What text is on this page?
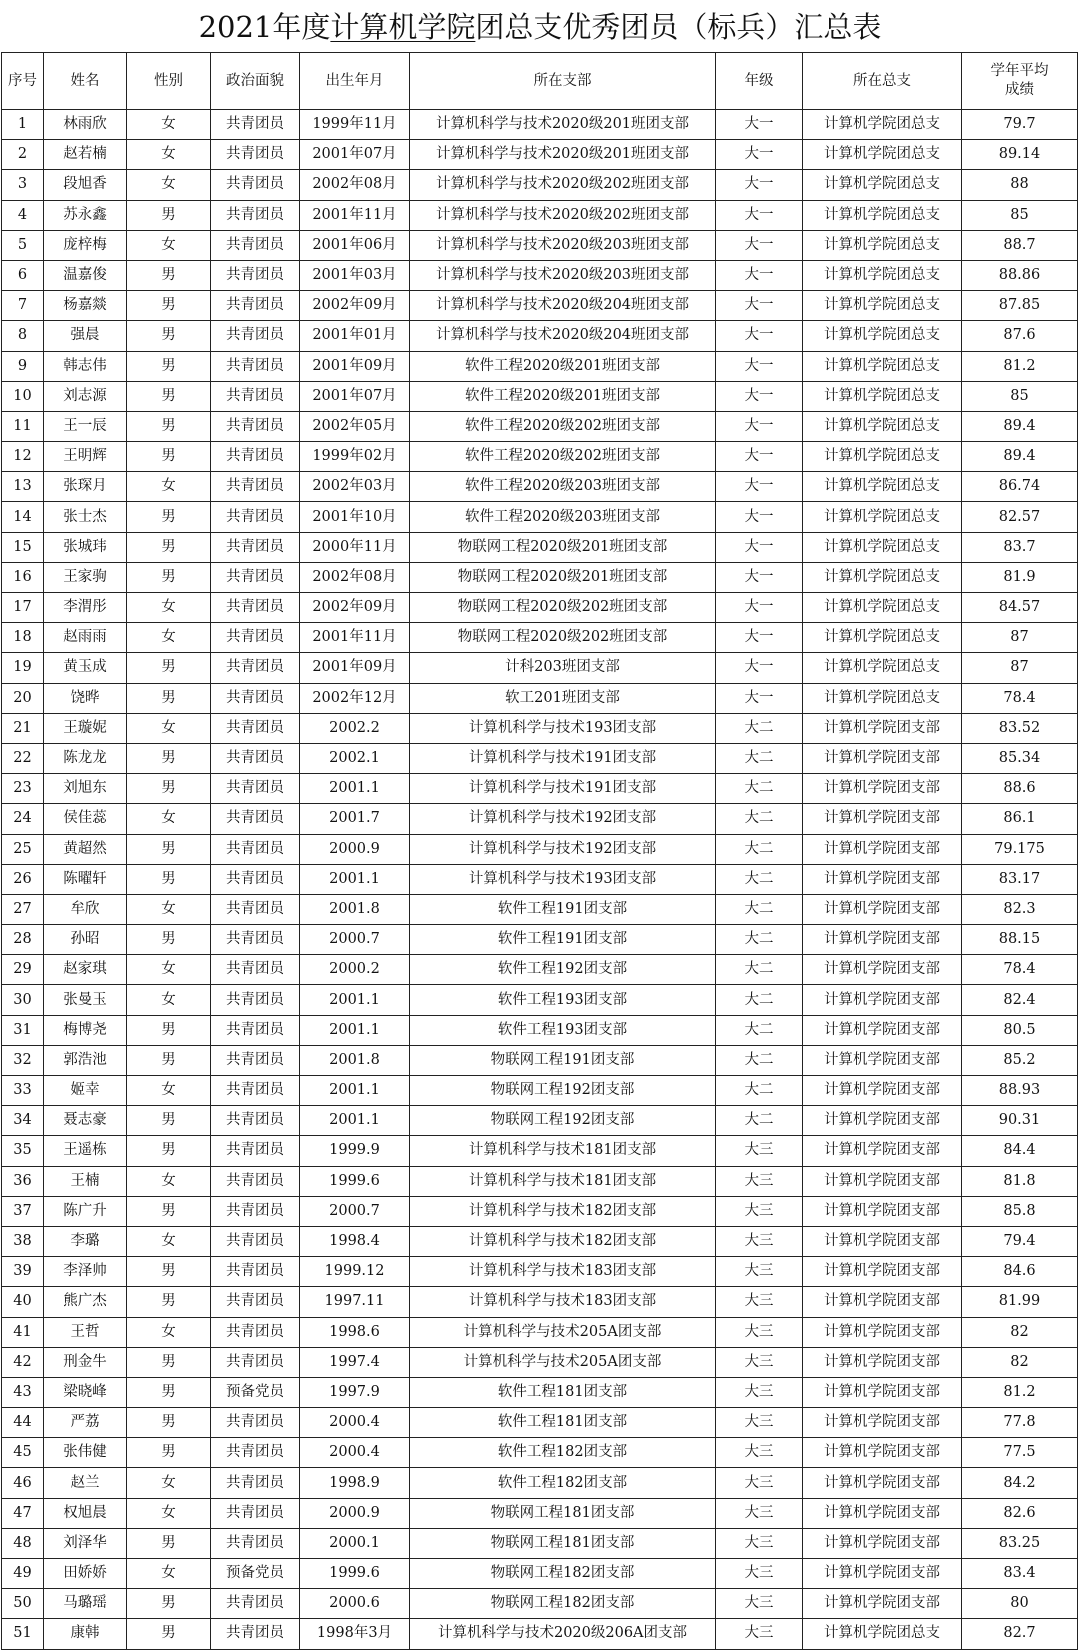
2021年度计算机学院团总支优秀团员（标兵）汇总表
序号	姓名	性别	政治面貌	出生年月	所在支部	年级	所在总支	学年平均
成绩
1	林雨欣	女	共青团员	1999年11月	计算机科学与技术2020级201班团支部	大一	计算机学院团总支	79.7
2	赵若楠	女	共青团员	2001年07月	计算机科学与技术2020级201班团支部	大一	计算机学院团总支	89.14
3	段旭香	女	共青团员	2002年08月	计算机科学与技术2020级202班团支部	大一	计算机学院团总支	88
4	苏永鑫	男	共青团员	2001年11月	计算机科学与技术2020级202班团支部	大一	计算机学院团总支	85
5	庞梓梅	女	共青团员	2001年06月	计算机科学与技术2020级203班团支部	大一	计算机学院团总支	88.7
6	温嘉俊	男	共青团员	2001年03月	计算机科学与技术2020级203班团支部	大一	计算机学院团总支	88.86
7	杨嘉燚	男	共青团员	2002年09月	计算机科学与技术2020级204班团支部	大一	计算机学院团总支	87.85
8	强晨	男	共青团员	2001年01月	计算机科学与技术2020级204班团支部	大一	计算机学院团总支	87.6
9	韩志伟	男	共青团员	2001年09月	软件工程2020级201班团支部	大一	计算机学院团总支	81.2
10	刘志源	男	共青团员	2001年07月	软件工程2020级201班团支部	大一	计算机学院团总支	85
11	王一辰	男	共青团员	2002年05月	软件工程2020级202班团支部	大一	计算机学院团总支	89.4
12	王明辉	男	共青团员	1999年02月	软件工程2020级202班团支部	大一	计算机学院团总支	89.4
13	张琛月	女	共青团员	2002年03月	软件工程2020级203班团支部	大一	计算机学院团总支	86.74
14	张士杰	男	共青团员	2001年10月	软件工程2020级203班团支部	大一	计算机学院团总支	82.57
15	张城玮	男	共青团员	2000年11月	物联网工程2020级201班团支部	大一	计算机学院团总支	83.7
16	王家驹	男	共青团员	2002年08月	物联网工程2020级201班团支部	大一	计算机学院团总支	81.9
17	李渭彤	女	共青团员	2002年09月	物联网工程2020级202班团支部	大一	计算机学院团总支	84.57
18	赵雨雨	女	共青团员	2001年11月	物联网工程2020级202班团支部	大一	计算机学院团总支	87
19	黄玉成	男	共青团员	2001年09月	计科203班团支部	大一	计算机学院团总支	87
20	饶晔	男	共青团员	2002年12月	软工201班团支部	大一	计算机学院团总支	78.4
21	王璇妮	女	共青团员	2002.2	计算机科学与技术193团支部	大二	计算机学院团支部	83.52
22	陈龙龙	男	共青团员	2002.1	计算机科学与技术191团支部	大二	计算机学院团支部	85.34
23	刘旭东	男	共青团员	2001.1	计算机科学与技术191团支部	大二	计算机学院团支部	88.6
24	侯佳蕊	女	共青团员	2001.7	计算机科学与技术192团支部	大二	计算机学院团支部	86.1
25	黄超然	男	共青团员	2000.9	计算机科学与技术192团支部	大二	计算机学院团支部	79.175
26	陈曜轩	男	共青团员	2001.1	计算机科学与技术193团支部	大二	计算机学院团支部	83.17
27	牟欣	女	共青团员	2001.8	软件工程191团支部	大二	计算机学院团支部	82.3
28	孙昭	男	共青团员	2000.7	软件工程191团支部	大二	计算机学院团支部	88.15
29	赵家琪	女	共青团员	2000.2	软件工程192团支部	大二	计算机学院团支部	78.4
30	张曼玉	女	共青团员	2001.1	软件工程193团支部	大二	计算机学院团支部	82.4
31	梅博尧	男	共青团员	2001.1	软件工程193团支部	大二	计算机学院团支部	80.5
32	郭浩池	男	共青团员	2001.8	物联网工程191团支部	大二	计算机学院团支部	85.2
33	姬幸	女	共青团员	2001.1	物联网工程192团支部	大二	计算机学院团支部	88.93
34	聂志豪	男	共青团员	2001.1	物联网工程192团支部	大二	计算机学院团支部	90.31
35	王遥栋	男	共青团员	1999.9	计算机科学与技术181团支部	大三	计算机学院团支部	84.4
36	王楠	女	共青团员	1999.6	计算机科学与技术181团支部	大三	计算机学院团支部	81.8
37	陈广升	男	共青团员	2000.7	计算机科学与技术182团支部	大三	计算机学院团支部	85.8
38	李璐	女	共青团员	1998.4	计算机科学与技术182团支部	大三	计算机学院团支部	79.4
39	李泽帅	男	共青团员	1999.12	计算机科学与技术183团支部	大三	计算机学院团支部	84.6
40	熊广杰	男	共青团员	1997.11	计算机科学与技术183团支部	大三	计算机学院团支部	81.99
41	王哲	女	共青团员	1998.6	计算机科学与技术205A团支部	大三	计算机学院团支部	82
42	刑金牛	男	共青团员	1997.4	计算机科学与技术205A团支部	大三	计算机学院团支部	82
43	梁晓峰	男	预备党员	1997.9	软件工程181团支部	大三	计算机学院团支部	81.2
44	严荔	男	共青团员	2000.4	软件工程181团支部	大三	计算机学院团支部	77.8
45	张伟健	男	共青团员	2000.4	软件工程182团支部	大三	计算机学院团支部	77.5
46	赵兰	女	共青团员	1998.9	软件工程182团支部	大三	计算机学院团支部	84.2
47	权旭晨	女	共青团员	2000.9	物联网工程181团支部	大三	计算机学院团支部	82.6
48	刘泽华	男	共青团员	2000.1	物联网工程181团支部	大三	计算机学院团支部	83.25
49	田娇娇	女	预备党员	1999.6	物联网工程182团支部	大三	计算机学院团支部	83.4
50	马璐瑶	男	共青团员	2000.6	物联网工程182团支部	大三	计算机学院团支部	80
51	康韩	男	共青团员	1998年3月	计算机科学与技术2020级206A团支部	大三	计算机学院团总支	82.7
